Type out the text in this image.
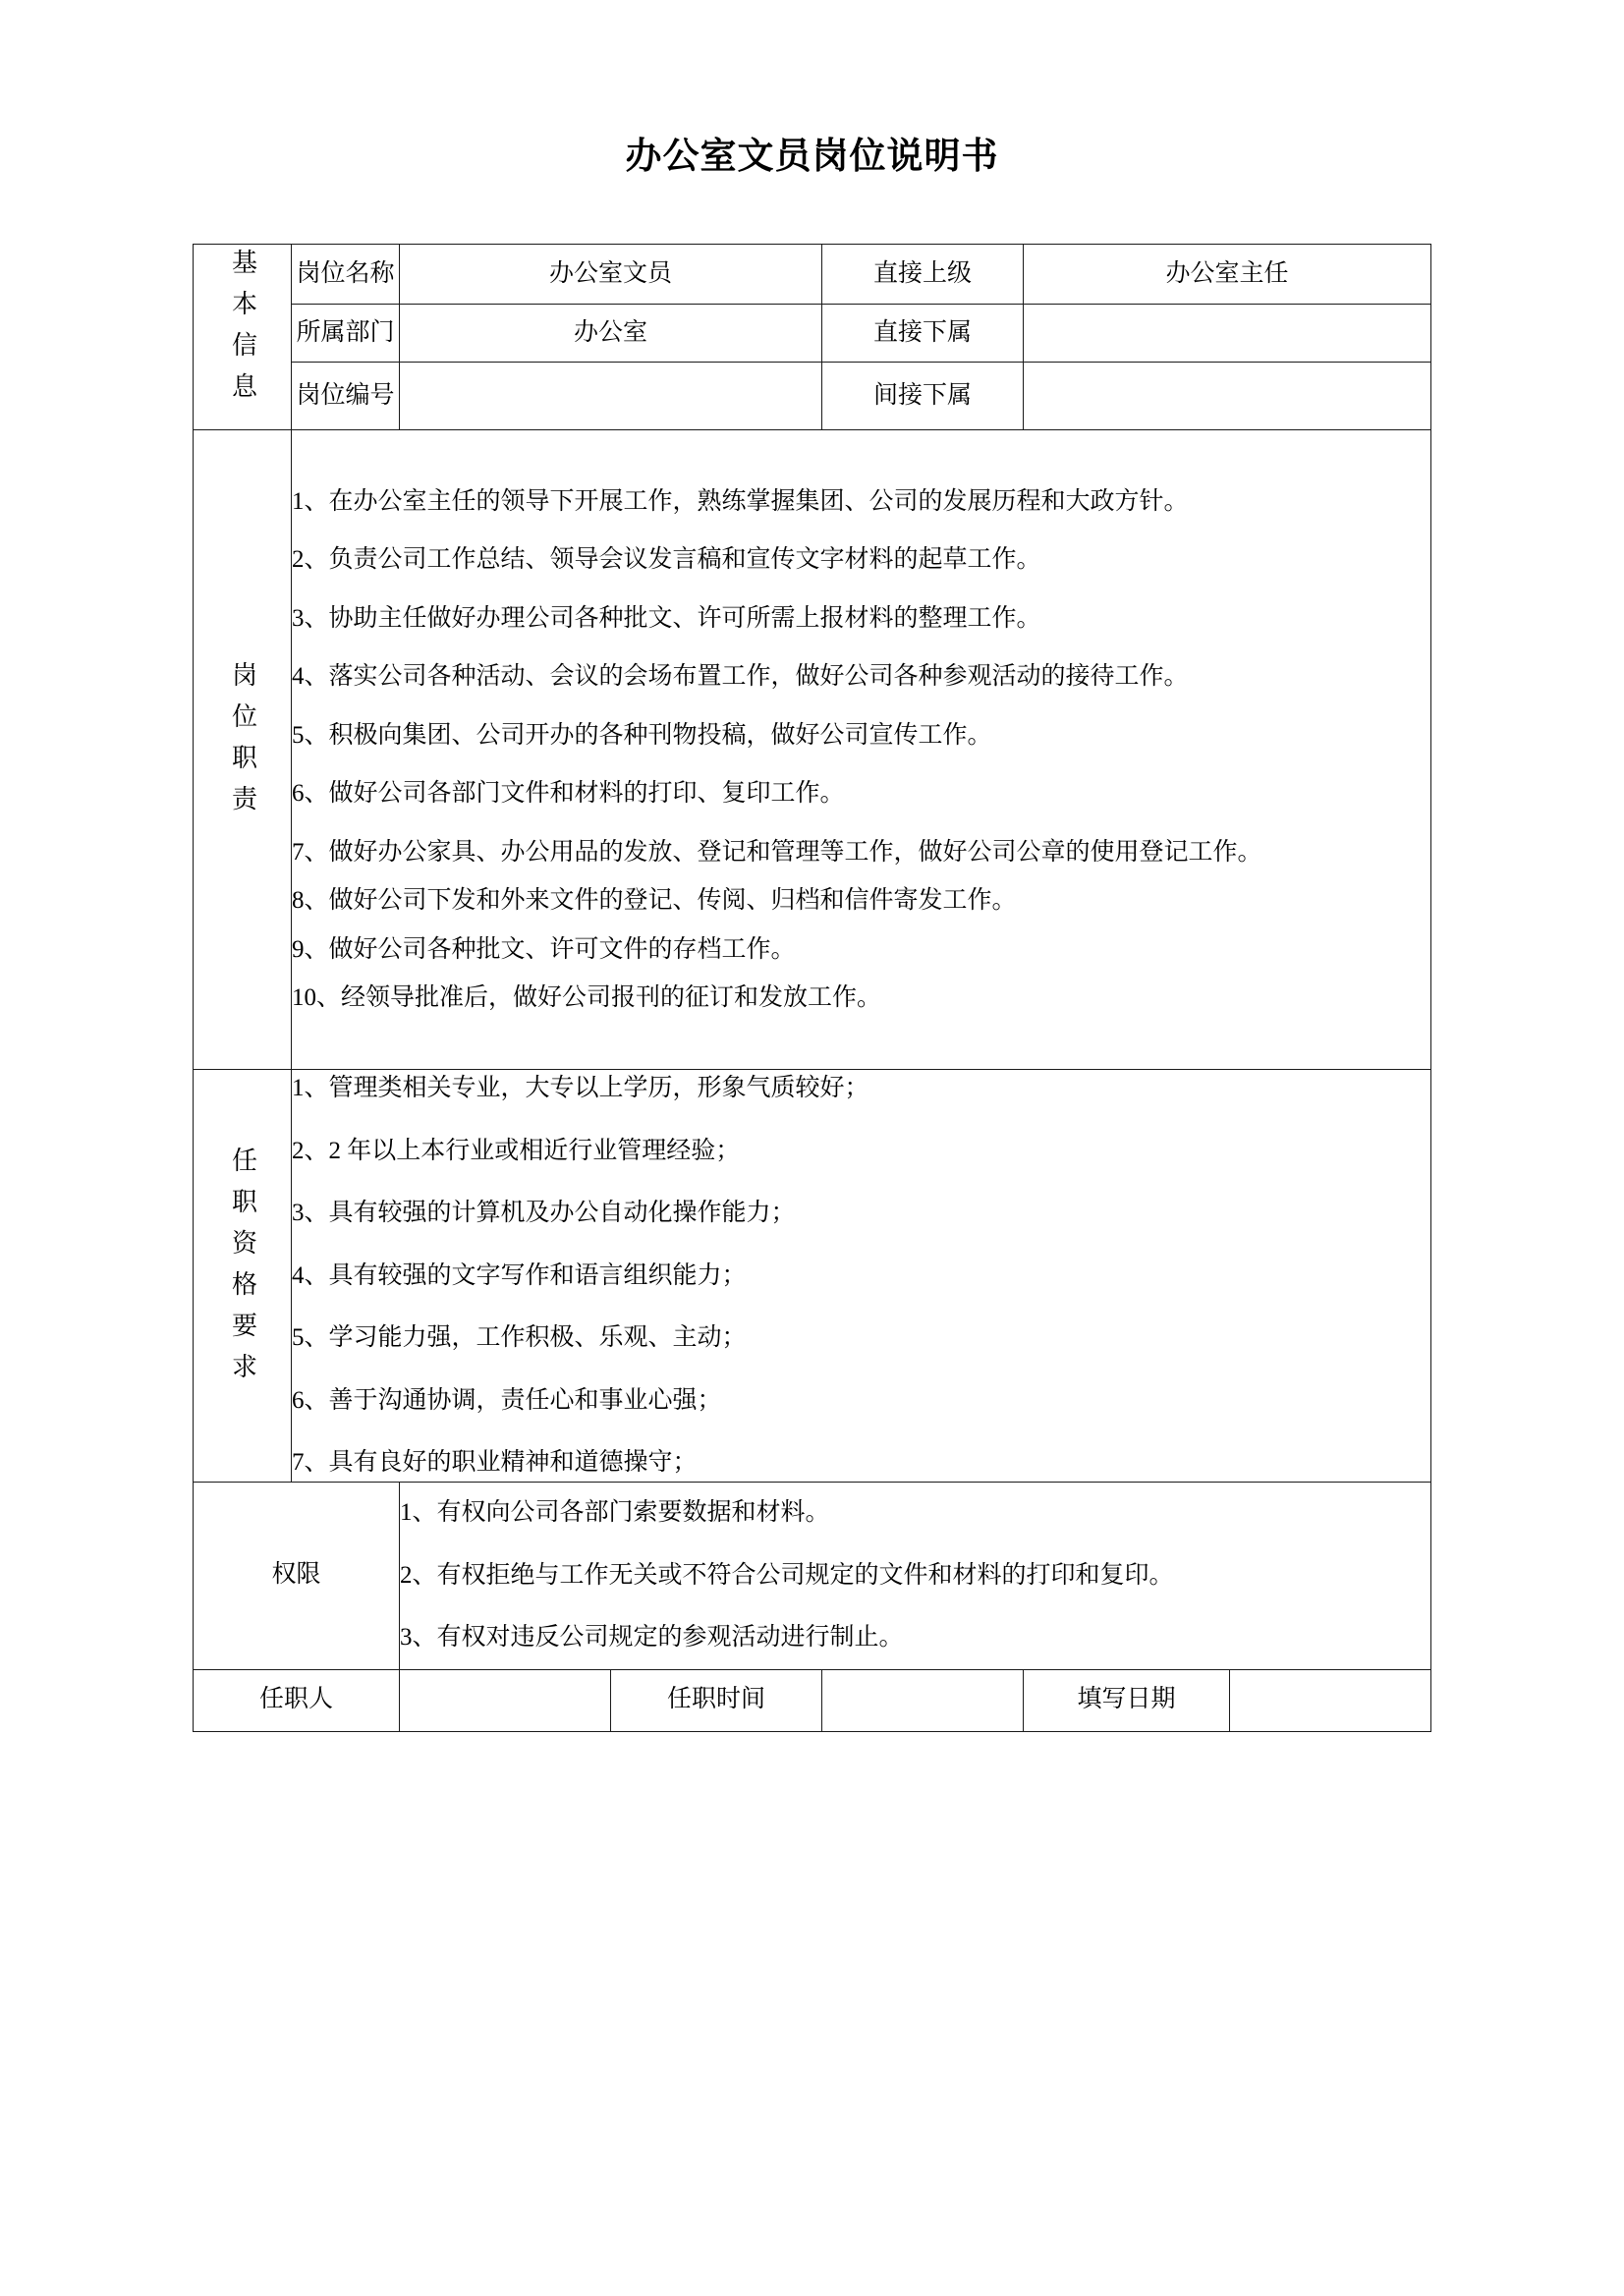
办公室文员岗位说明书
基本信息	岗位名称	办公室文员		直接上级	办公室主任	
	所属部门	办公室		直接下属		
	岗位编号			间接下属		
岗位职责	
1、在办公室主任的领导下开展工作，熟练掌握集团、公司的发展历程和大政方针。
2、负责公司工作总结、领导会议发言稿和宣传文字材料的起草工作。
3、协助主任做好办理公司各种批文、许可所需上报材料的整理工作。
4、落实公司各种活动、会议的会场布置工作，做好公司各种参观活动的接待工作。
5、积极向集团、公司开办的各种刊物投稿，做好公司宣传工作。
6、做好公司各部门文件和材料的打印、复印工作。
7、做好办公家具、办公用品的发放、登记和管理等工作，做好公司公章的使用登记工作。
8、做好公司下发和外来文件的登记、传阅、归档和信件寄发工作。
9、做好公司各种批文、许可文件的存档工作。
10、经领导批准后，做好公司报刊的征订和发放工作。

任职资格要求	
1、管理类相关专业，大专以上学历，形象气质较好；
2、2 年以上本行业或相近行业管理经验；
3、具有较强的计算机及办公自动化操作能力；
4、具有较强的文字写作和语言组织能力；
5、学习能力强，工作积极、乐观、主动；
6、善于沟通协调，责任心和事业心强；
7、具有良好的职业精神和道德操守；

权限		1、有权向公司各部门索要数据和材料。
2、有权拒绝与工作无关或不符合公司规定的文件和材料的打印和复印。
3、有权对违反公司规定的参观活动进行制止。				

任职人			任职时间		填写日期	
